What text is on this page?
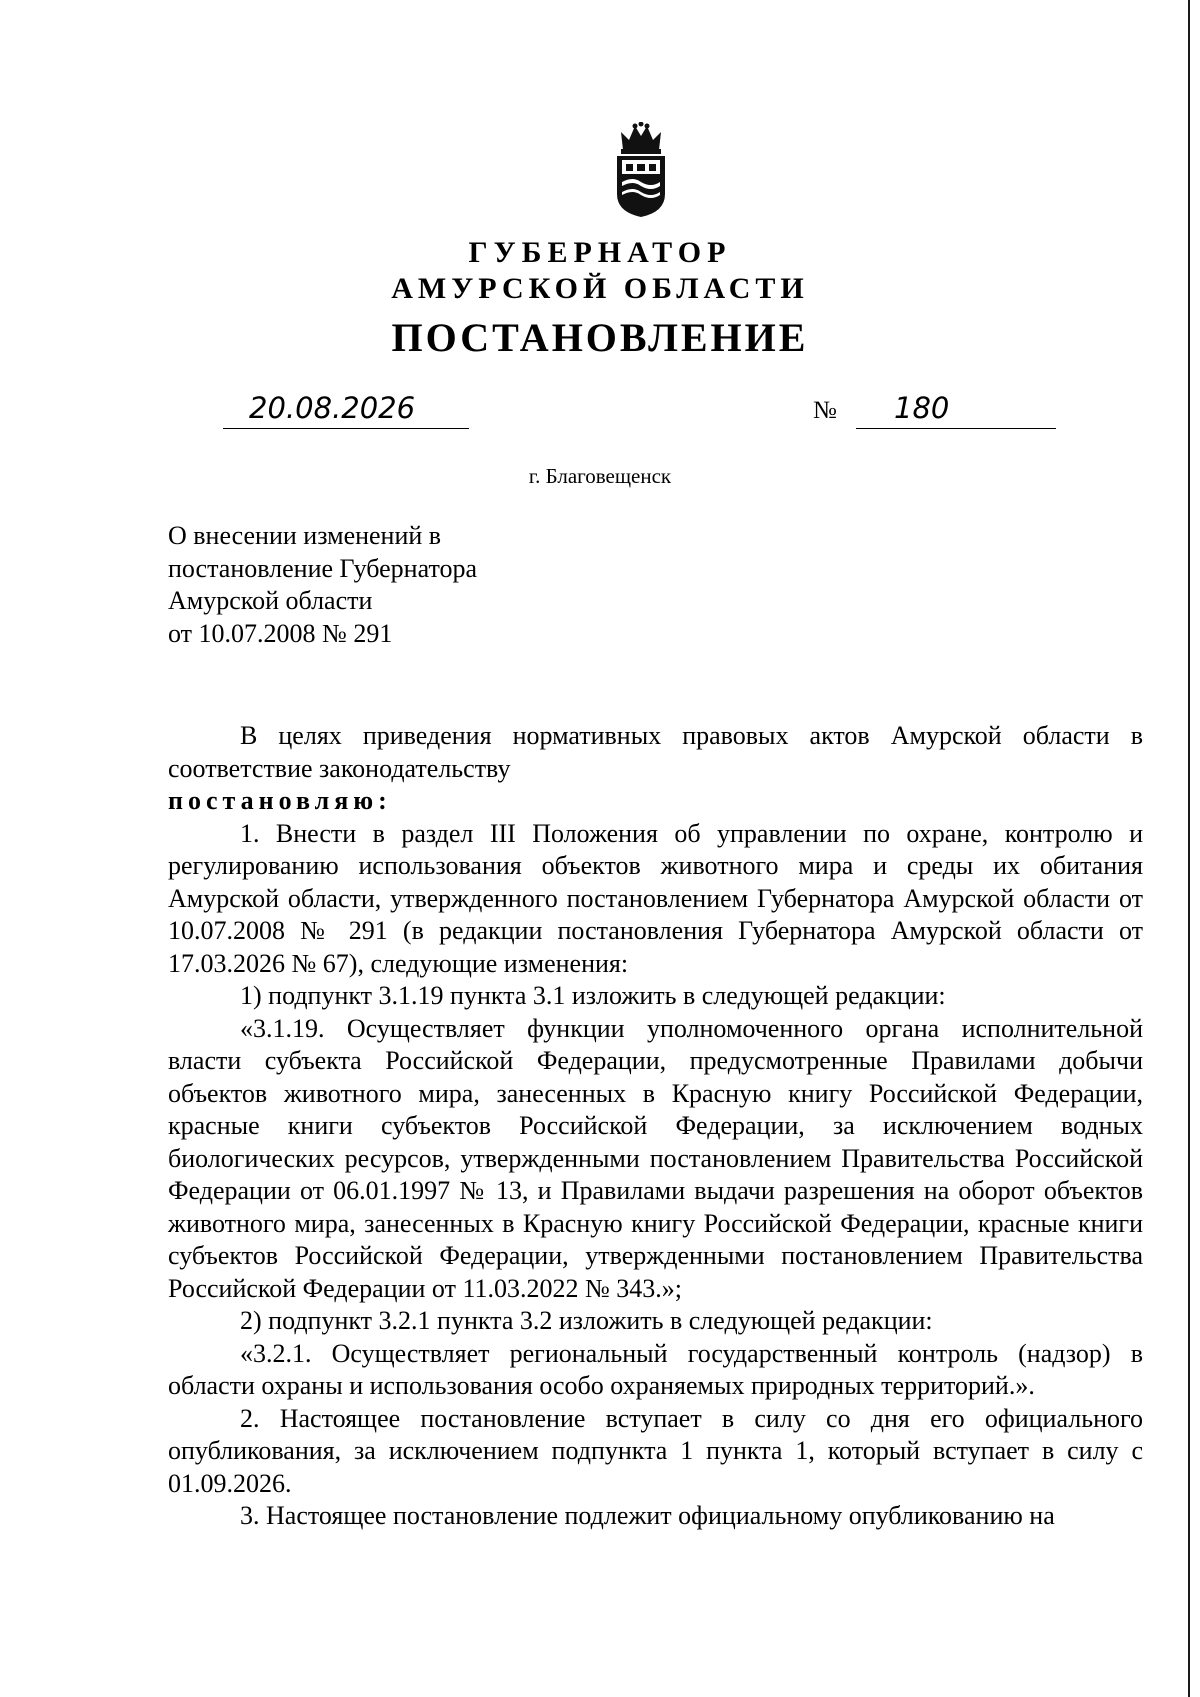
ГУБЕРНАТОР
АМУРСКОЙ ОБЛАСТИ
ПОСТАНОВЛЕНИЕ
20.08.2026	№ 180
г. Благовещенск
О внесении изменений в
постановление Губернатора
Амурской области
от 10.07.2008 № 291

В целях приведения нормативных правовых актов Амурской области в соответствие законодательству

постановляю:

1. Внести в раздел III Положения об управлении по охране, контролю и регулированию использования объектов животного мира и среды их обитания Амурской области, утвержденного постановлением Губернатора Амурской области от 10.07.2008 № 291 (в редакции постановления Губернатора Амурской области от 17.03.2026 № 67), следующие изменения:

1) подпункт 3.1.19 пункта 3.1 изложить в следующей редакции:

«3.1.19. Осуществляет функции уполномоченного органа исполнительной власти субъекта Российской Федерации, предусмотренные Правилами добычи объектов животного мира, занесенных в Красную книгу Российской Федерации, красные книги субъектов Российской Федерации, за исключением водных биологических ресурсов, утвержденными постановлением Правительства Российской Федерации от 06.01.1997 № 13, и Правилами выдачи разрешения на оборот объектов животного мира, занесенных в Красную книгу Российской Федерации, красные книги субъектов Российской Федерации, утвержденными постановлением Правительства Российской Федерации от 11.03.2022 № 343.»;

2) подпункт 3.2.1 пункта 3.2 изложить в следующей редакции:

«3.2.1. Осуществляет региональный государственный контроль (надзор) в области охраны и использования особо охраняемых природных территорий.».

2. Настоящее постановление вступает в силу со дня его официального опубликования, за исключением подпункта 1 пункта 1, который вступает в силу с 01.09.2026.

3. Настоящее постановление подлежит официальному опубликованию на
